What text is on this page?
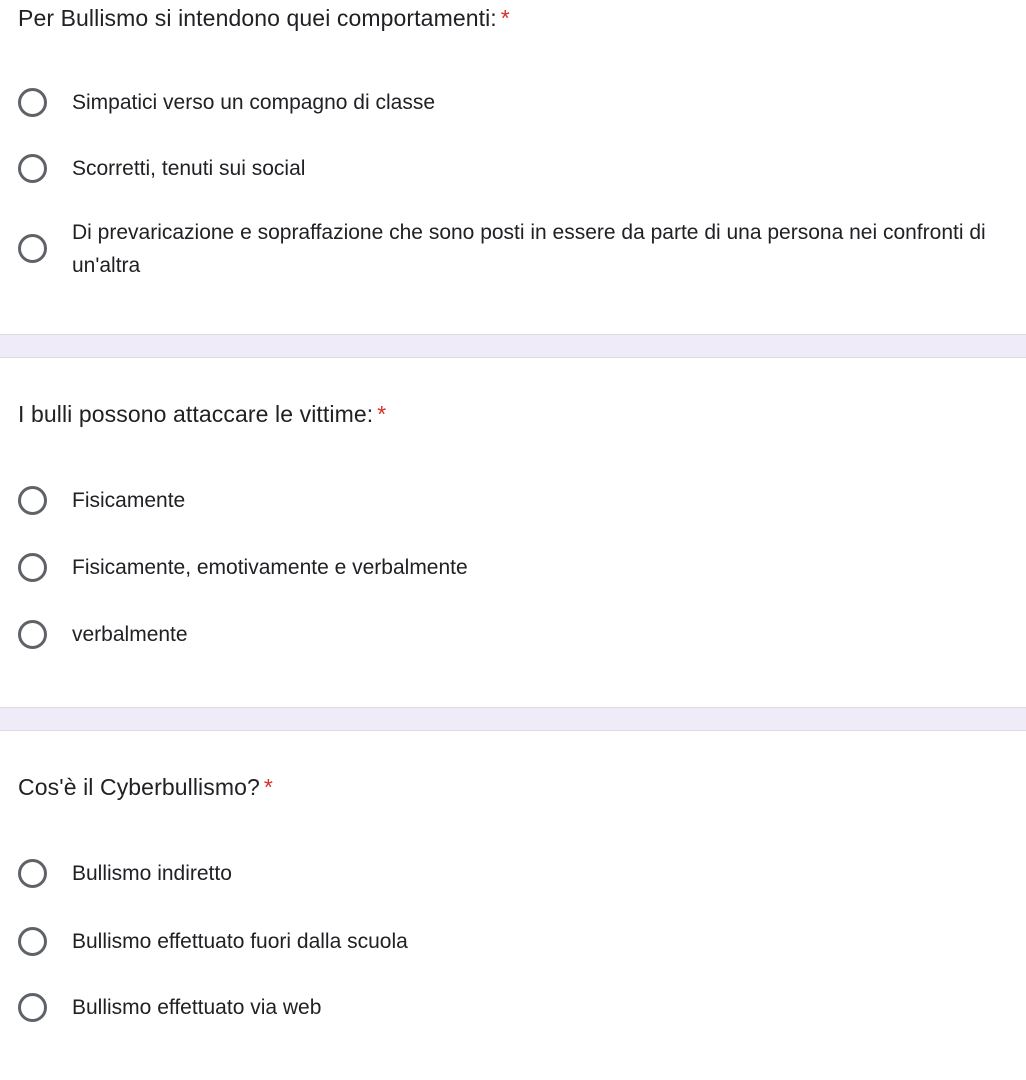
Per Bullismo si intendono quei comportamenti: *
Simpatici verso un compagno di classe
Scorretti, tenuti sui social
Di prevaricazione e sopraffazione che sono posti in essere da parte di una persona nei confronti di un'altra
I bulli possono attaccare le vittime: *
Fisicamente
Fisicamente, emotivamente e verbalmente
verbalmente
Cos'è il Cyberbullismo? *
Bullismo indiretto
Bullismo effettuato fuori dalla scuola
Bullismo effettuato via web
